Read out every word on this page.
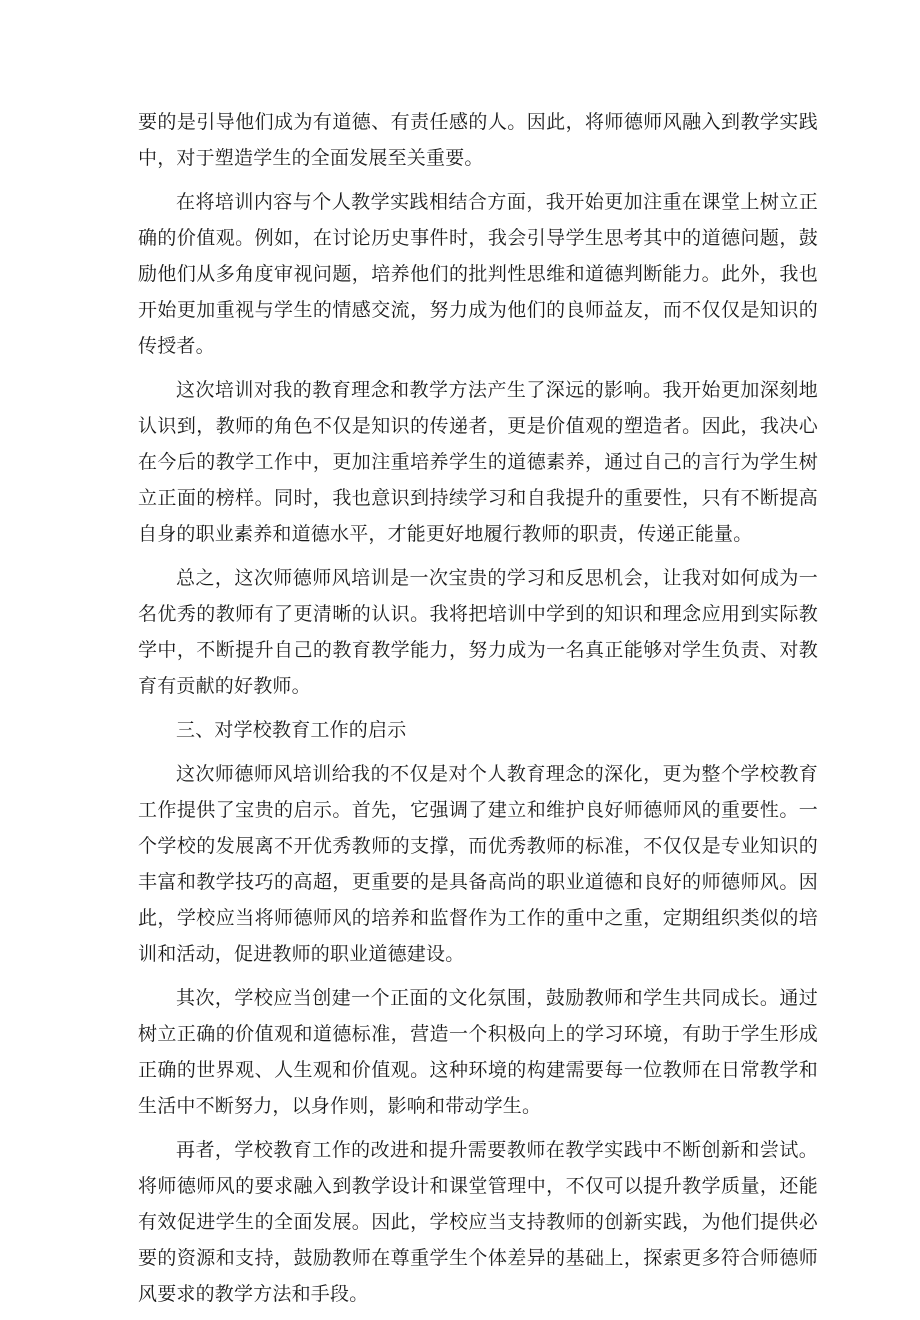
要的是引导他们成为有道德、有责任感的人。因此，将师德师风融入到教学实践中，对于塑造学生的全面发展至关重要。

在将培训内容与个人教学实践相结合方面，我开始更加注重在课堂上树立正确的价值观。例如，在讨论历史事件时，我会引导学生思考其中的道德问题，鼓励他们从多角度审视问题，培养他们的批判性思维和道德判断能力。此外，我也开始更加重视与学生的情感交流，努力成为他们的良师益友，而不仅仅是知识的传授者。

这次培训对我的教育理念和教学方法产生了深远的影响。我开始更加深刻地认识到，教师的角色不仅是知识的传递者，更是价值观的塑造者。因此，我决心在今后的教学工作中，更加注重培养学生的道德素养，通过自己的言行为学生树立正面的榜样。同时，我也意识到持续学习和自我提升的重要性，只有不断提高自身的职业素养和道德水平，才能更好地履行教师的职责，传递正能量。

总之，这次师德师风培训是一次宝贵的学习和反思机会，让我对如何成为一名优秀的教师有了更清晰的认识。我将把培训中学到的知识和理念应用到实际教学中，不断提升自己的教育教学能力，努力成为一名真正能够对学生负责、对教育有贡献的好教师。

三、对学校教育工作的启示

这次师德师风培训给我的不仅是对个人教育理念的深化，更为整个学校教育工作提供了宝贵的启示。首先，它强调了建立和维护良好师德师风的重要性。一个学校的发展离不开优秀教师的支撑，而优秀教师的标准，不仅仅是专业知识的丰富和教学技巧的高超，更重要的是具备高尚的职业道德和良好的师德师风。因此，学校应当将师德师风的培养和监督作为工作的重中之重，定期组织类似的培训和活动，促进教师的职业道德建设。

其次，学校应当创建一个正面的文化氛围，鼓励教师和学生共同成长。通过树立正确的价值观和道德标准，营造一个积极向上的学习环境，有助于学生形成正确的世界观、人生观和价值观。这种环境的构建需要每一位教师在日常教学和生活中不断努力，以身作则，影响和带动学生。

再者，学校教育工作的改进和提升需要教师在教学实践中不断创新和尝试。将师德师风的要求融入到教学设计和课堂管理中，不仅可以提升教学质量，还能有效促进学生的全面发展。因此，学校应当支持教师的创新实践，为他们提供必要的资源和支持，鼓励教师在尊重学生个体差异的基础上，探索更多符合师德师风要求的教学方法和手段。
